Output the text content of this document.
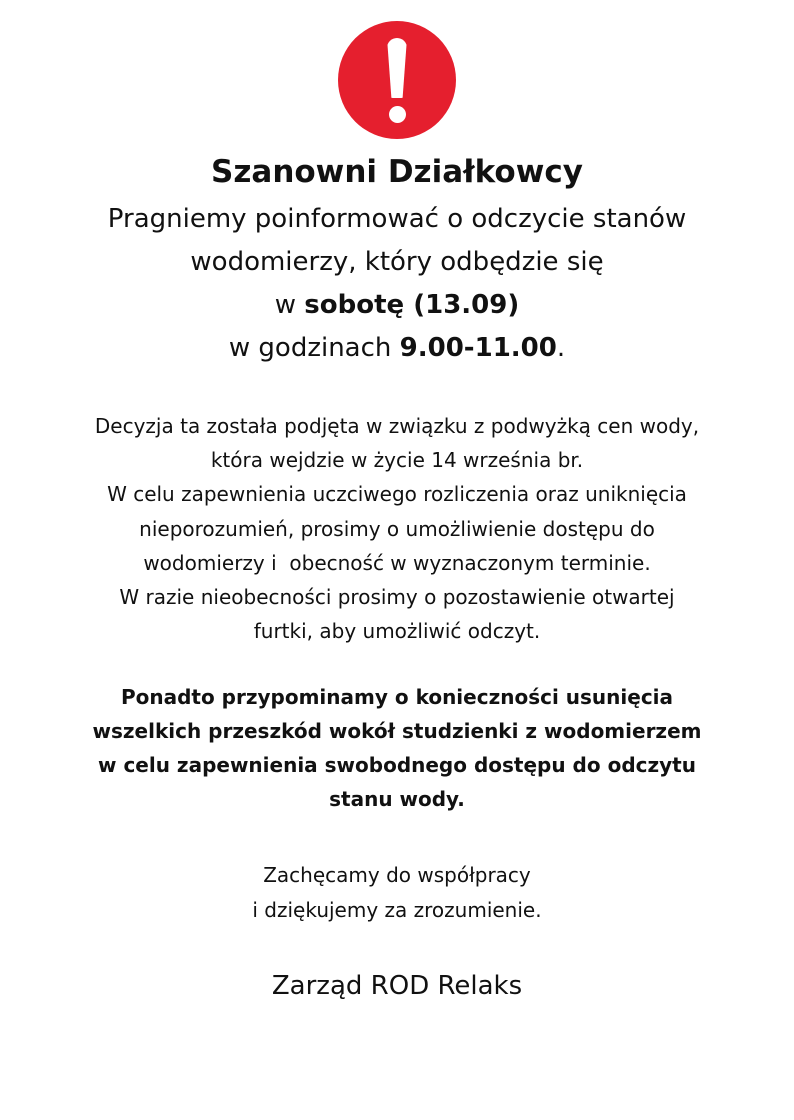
Szanowni Działkowcy
Pragniemy poinformować o odczycie stanów
wodomierzy, który odbędzie się
w sobotę (13.09)
w godzinach 9.00-11.00.
Decyzja ta została podjęta w związku z podwyżką cen wody,
która wejdzie w życie 14 września br.
W celu zapewnienia uczciwego rozliczenia oraz uniknięcia
nieporozumień, prosimy o umożliwienie dostępu do
wodomierzy i  obecność w wyznaczonym terminie.
W razie nieobecności prosimy o pozostawienie otwartej
furtki, aby umożliwić odczyt.
Ponadto przypominamy o konieczności usunięcia
wszelkich przeszkód wokół studzienki z wodomierzem
w celu zapewnienia swobodnego dostępu do odczytu
stanu wody.
Zachęcamy do współpracy
i dziękujemy za zrozumienie.
Zarząd ROD Relaks
